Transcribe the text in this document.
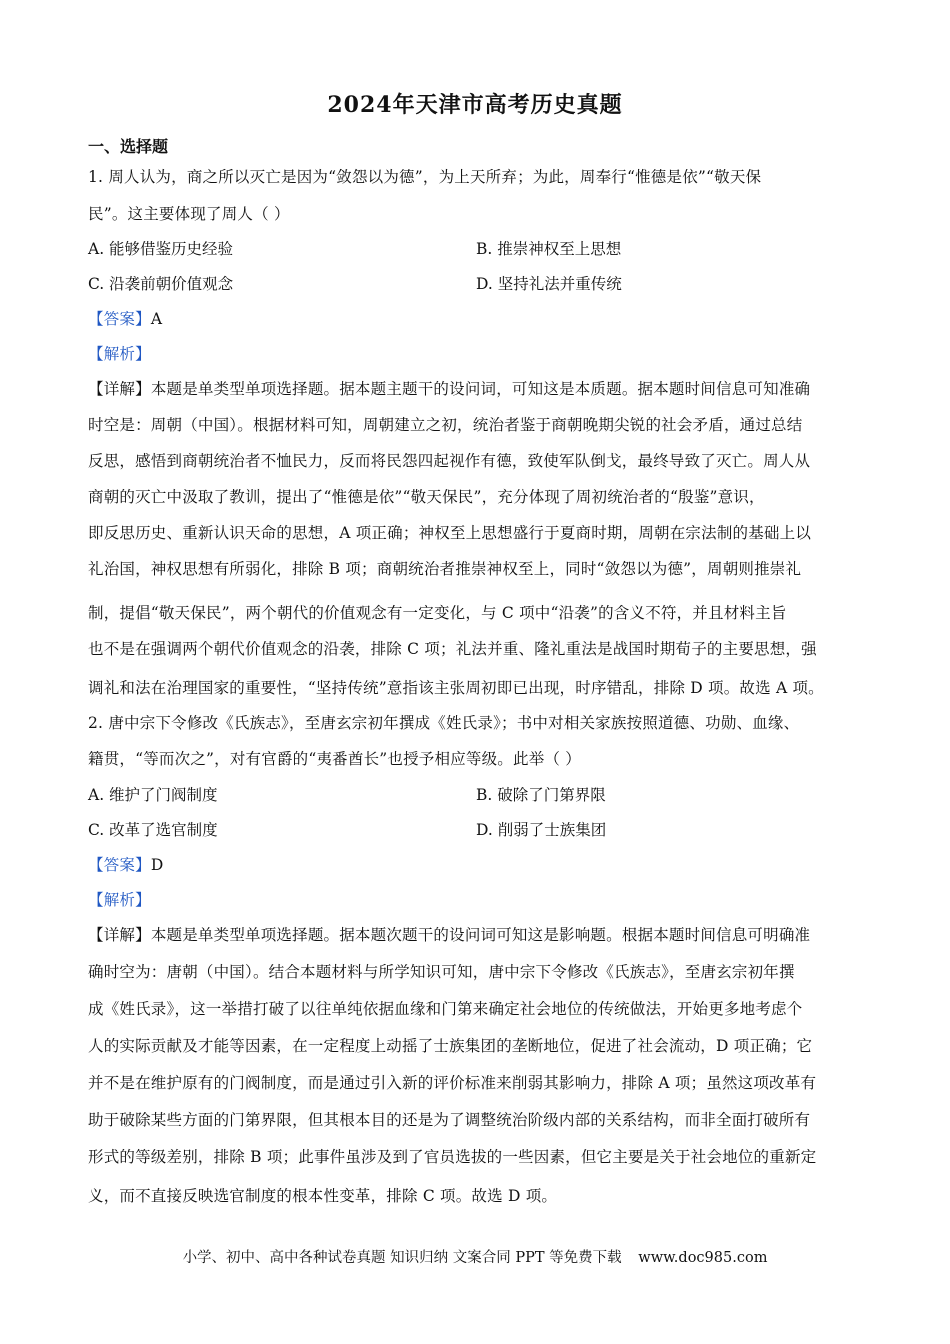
2024年天津市高考历史真题
一、选择题
1. 周人认为，商之所以灭亡是因为“敛怨以为德”，为上天所弃；为此，周奉行“惟德是依”“敬天保
民”。这主要体现了周人（ ）
A. 能够借鉴历史经验	B. 推崇神权至上思想
C. 沿袭前朝价值观念	D. 坚持礼法并重传统
【答案】A
【解析】
【详解】本题是单类型单项选择题。据本题主题干的设问词，可知这是本质题。据本题时间信息可知准确
时空是：周朝（中国）。根据材料可知，周朝建立之初，统治者鉴于商朝晚期尖锐的社会矛盾，通过总结
反思，感悟到商朝统治者不恤民力，反而将民怨四起视作有德，致使军队倒戈，最终导致了灭亡。周人从
商朝的灭亡中汲取了教训，提出了“惟德是依”“敬天保民”，充分体现了周初统治者的“殷鉴”意识，
即反思历史、重新认识天命的思想，A 项正确；神权至上思想盛行于夏商时期，周朝在宗法制的基础上以
礼治国，神权思想有所弱化，排除 B 项；商朝统治者推崇神权至上，同时“敛怨以为德”，周朝则推崇礼
制，提倡“敬天保民”，两个朝代的价值观念有一定变化，与 C 项中“沿袭”的含义不符，并且材料主旨
也不是在强调两个朝代价值观念的沿袭，排除 C 项；礼法并重、隆礼重法是战国时期荀子的主要思想，强
调礼和法在治理国家的重要性，“坚持传统”意指该主张周初即已出现，时序错乱，排除 D 项。故选 A 项。
2. 唐中宗下令修改《氏族志》，至唐玄宗初年撰成《姓氏录》；书中对相关家族按照道德、功勋、血缘、
籍贯，“等而次之”，对有官爵的“夷番酋长”也授予相应等级。此举（ ）
A. 维护了门阀制度	B. 破除了门第界限
C. 改革了选官制度	D. 削弱了士族集团
【答案】D
【解析】
【详解】本题是单类型单项选择题。据本题次题干的设问词可知这是影响题。根据本题时间信息可明确准
确时空为：唐朝（中国）。结合本题材料与所学知识可知，唐中宗下令修改《氏族志》，至唐玄宗初年撰
成《姓氏录》，这一举措打破了以往单纯依据血缘和门第来确定社会地位的传统做法，开始更多地考虑个
人的实际贡献及才能等因素，在一定程度上动摇了士族集团的垄断地位，促进了社会流动，D 项正确；它
并不是在维护原有的门阀制度，而是通过引入新的评价标准来削弱其影响力，排除 A 项；虽然这项改革有
助于破除某些方面的门第界限，但其根本目的还是为了调整统治阶级内部的关系结构，而非全面打破所有
形式的等级差别，排除 B 项；此事件虽涉及到了官员选拔的一些因素，但它主要是关于社会地位的重新定
义，而不直接反映选官制度的根本性变革，排除 C 项。故选 D 项。
小学、初中、高中各种试卷真题 知识归纳 文案合同 PPT 等免费下载 www.doc985.com
